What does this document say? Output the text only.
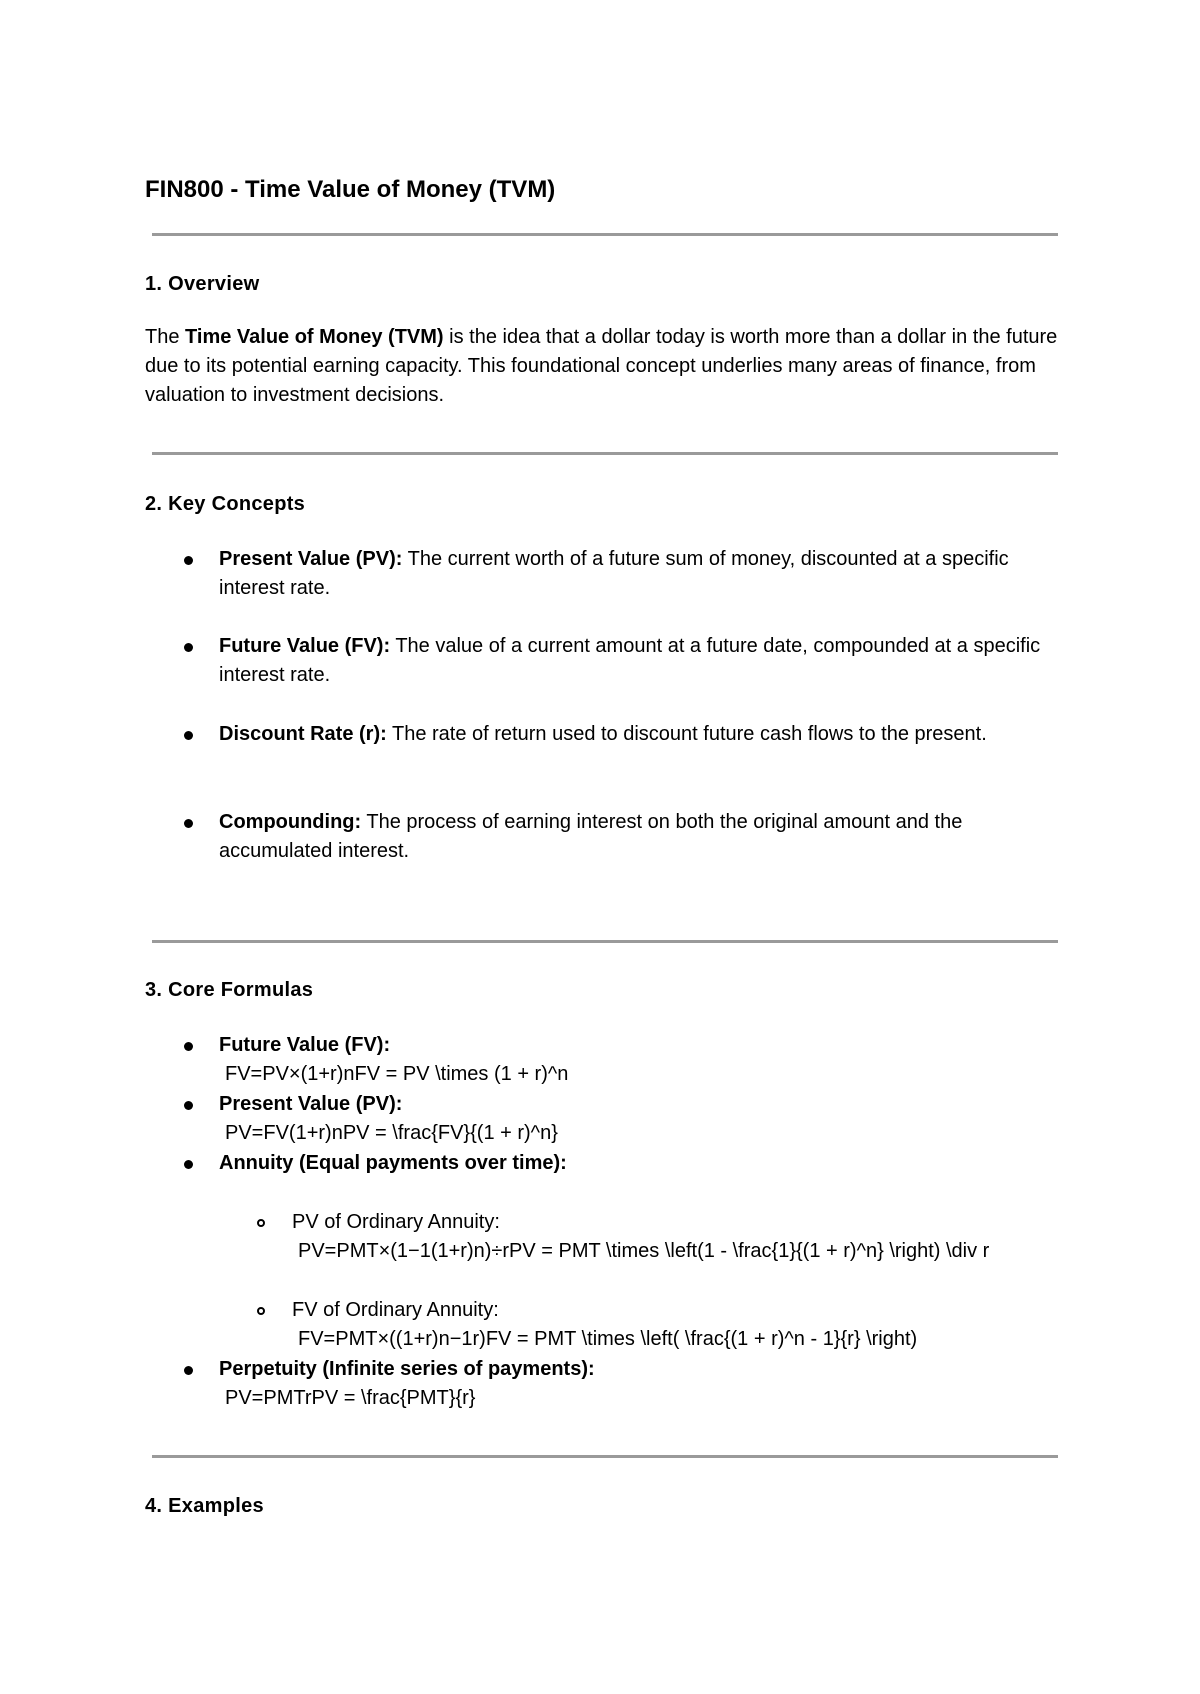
FIN800 - Time Value of Money (TVM)
1. Overview
The Time Value of Money (TVM) is the idea that a dollar today is worth more than a dollar in the future due to its potential earning capacity. This foundational concept underlies many areas of finance, from valuation to investment decisions.
2. Key Concepts
Present Value (PV): The current worth of a future sum of money, discounted at a specific interest rate.
Future Value (FV): The value of a current amount at a future date, compounded at a specific interest rate.
Discount Rate (r): The rate of return used to discount future cash flows to the present.
Compounding: The process of earning interest on both the original amount and the accumulated interest.
3. Core Formulas
Future Value (FV):
FV=PV×(1+r)nFV = PV \times (1 + r)^n
Present Value (PV):
PV=FV(1+r)nPV = \frac{FV}{(1 + r)^n}
Annuity (Equal payments over time):
PV of Ordinary Annuity:
PV=PMT×(1−1(1+r)n)÷rPV = PMT \times \left(1 - \frac{1}{(1 + r)^n} \right) \div r
FV of Ordinary Annuity:
FV=PMT×((1+r)n−1r)FV = PMT \times \left( \frac{(1 + r)^n - 1}{r} \right)
Perpetuity (Infinite series of payments):
PV=PMTrPV = \frac{PMT}{r}
4. Examples
